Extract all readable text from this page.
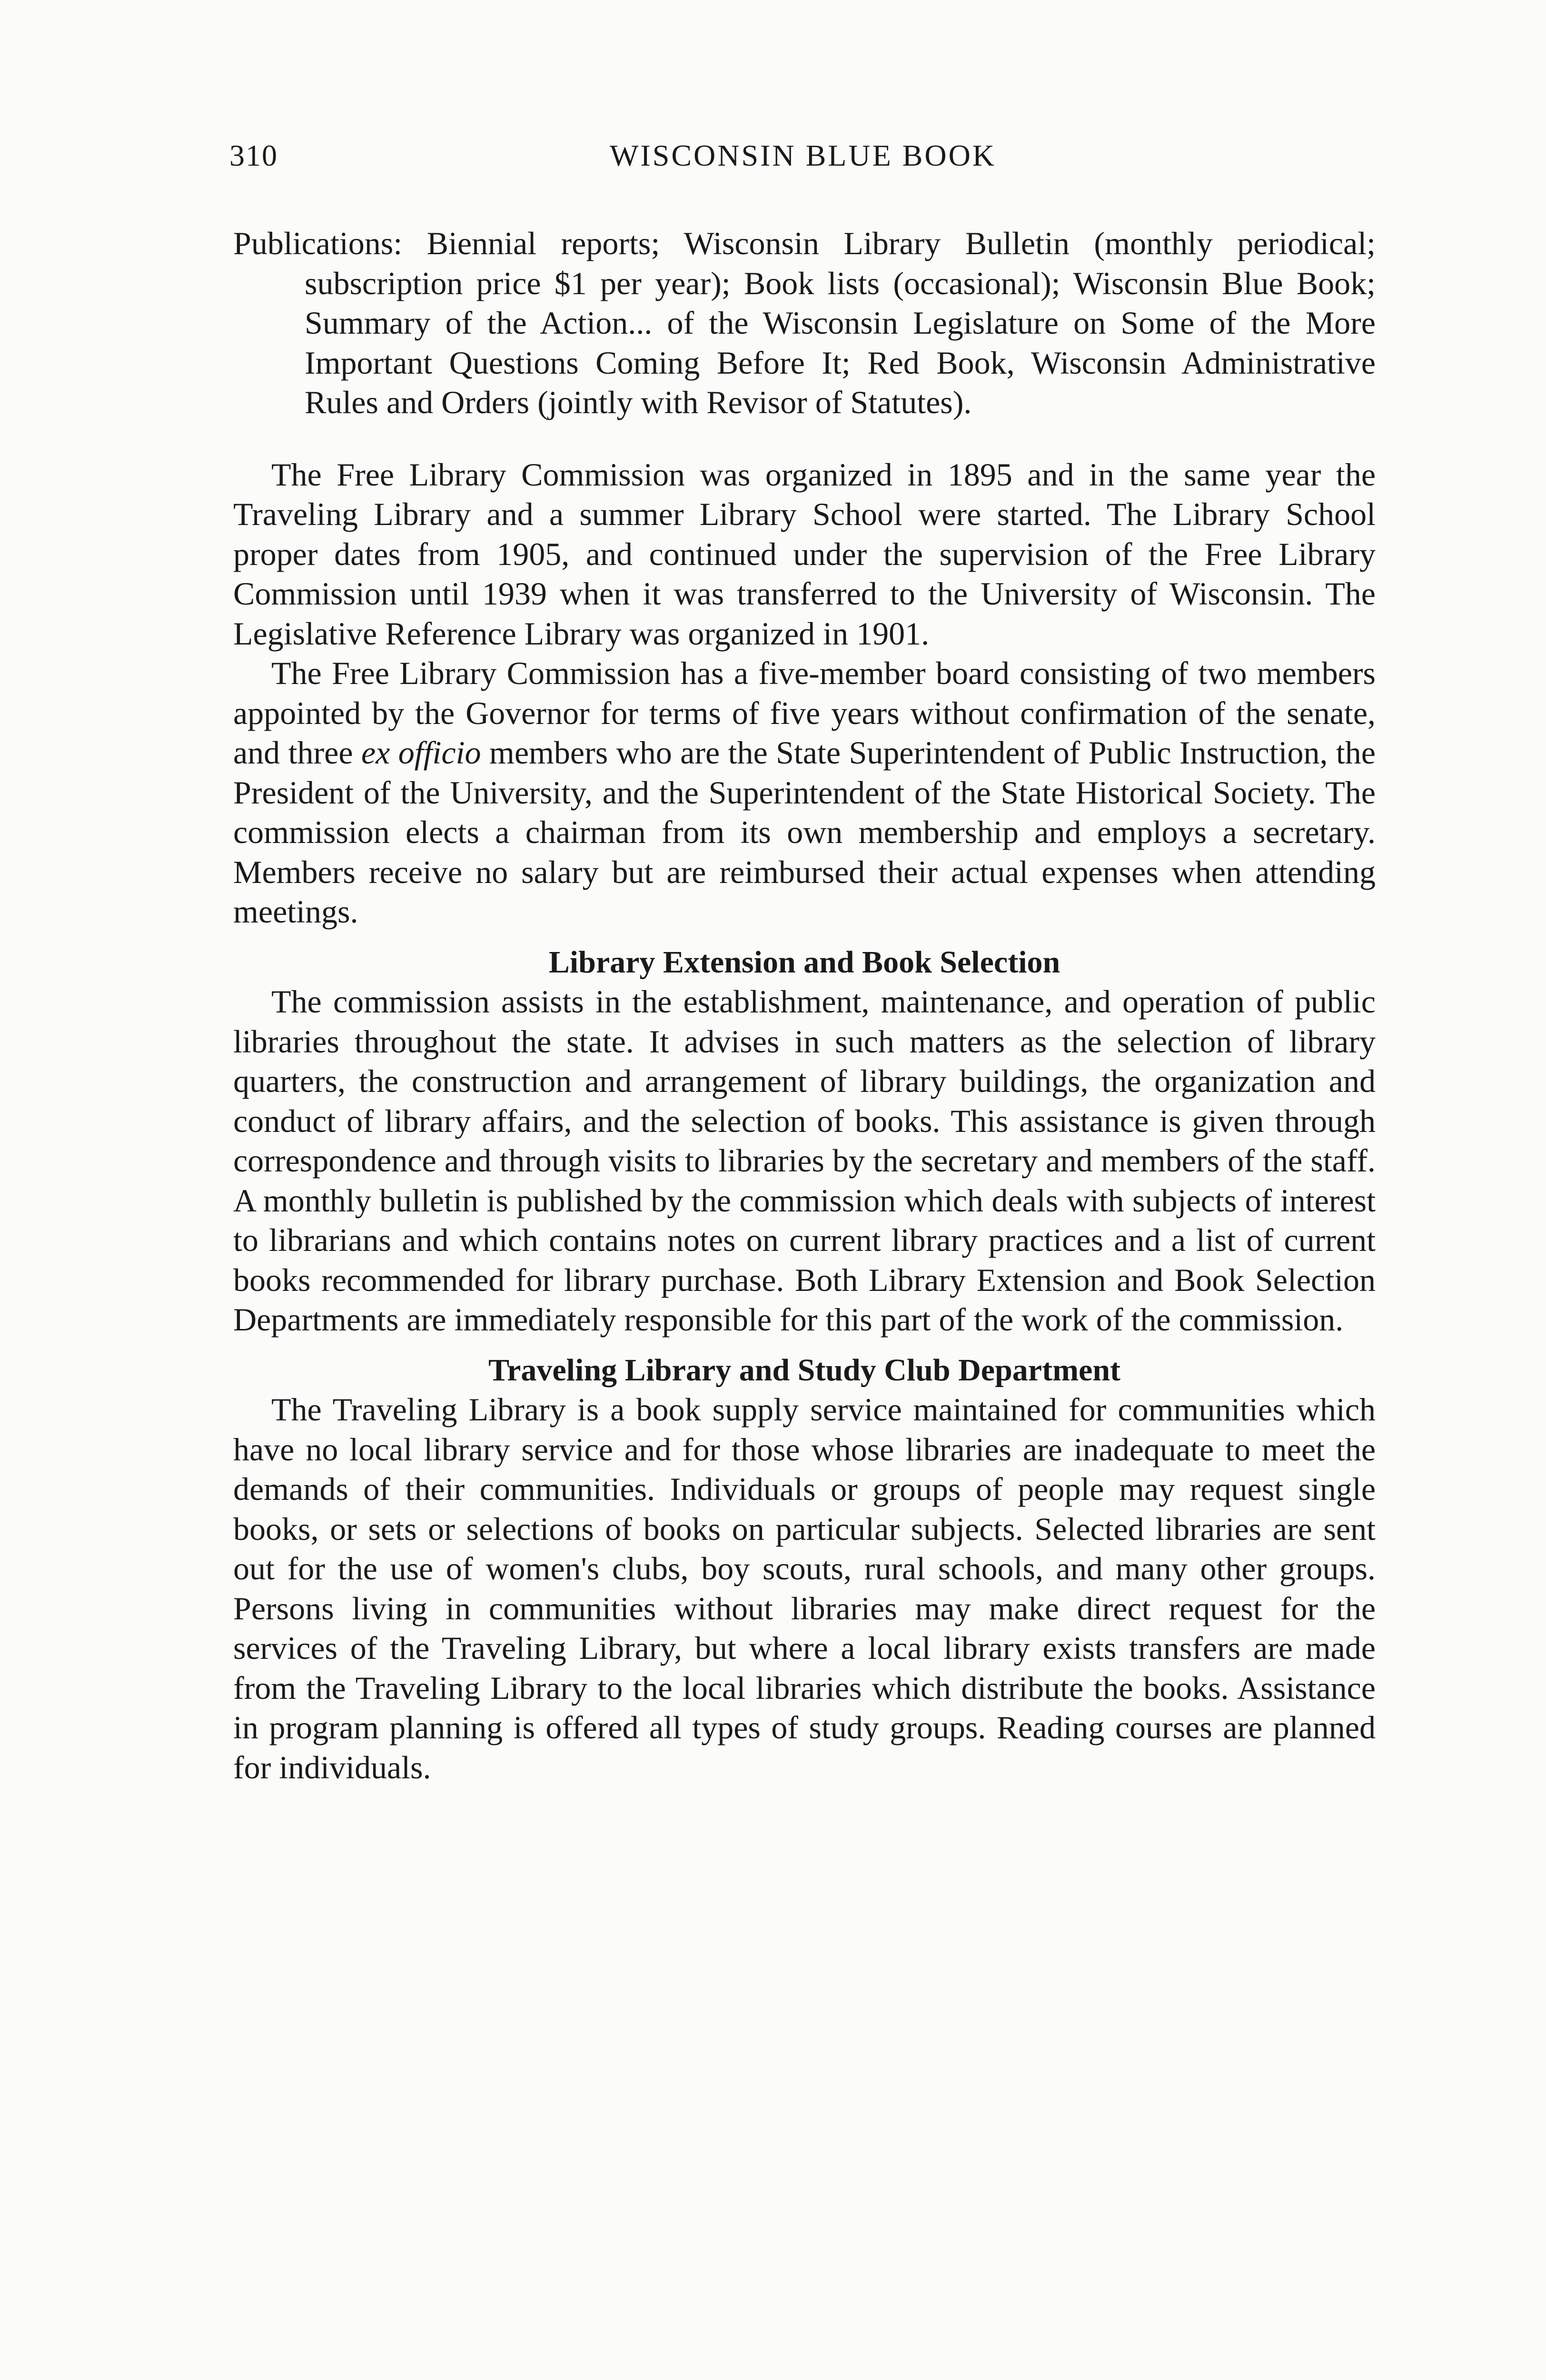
310	WISCONSIN BLUE BOOK

Publications: Biennial reports; Wisconsin Library Bulletin (monthly periodical; subscription price $1 per year); Book lists (occasional); Wisconsin Blue Book; Summary of the Action... of the Wisconsin Legislature on Some of the More Important Questions Coming Before It; Red Book, Wisconsin Administrative Rules and Orders (jointly with Revisor of Statutes).

The Free Library Commission was organized in 1895 and in the same year the Traveling Library and a summer Library School were started. The Library School proper dates from 1905, and continued under the supervision of the Free Library Commission until 1939 when it was transferred to the University of Wisconsin. The Legislative Reference Library was organized in 1901.

The Free Library Commission has a five-member board consisting of two members appointed by the Governor for terms of five years without confirmation of the senate, and three ex officio members who are the State Superintendent of Public Instruction, the President of the University, and the Superintendent of the State Historical Society. The commission elects a chairman from its own membership and employs a secretary. Members receive no salary but are reimbursed their actual expenses when attending meetings.

Library Extension and Book Selection

The commission assists in the establishment, maintenance, and operation of public libraries throughout the state. It advises in such matters as the selection of library quarters, the construction and arrangement of library buildings, the organization and conduct of library affairs, and the selection of books. This assistance is given through correspondence and through visits to libraries by the secretary and members of the staff. A monthly bulletin is published by the commission which deals with subjects of interest to librarians and which contains notes on current library practices and a list of current books recommended for library purchase. Both Library Extension and Book Selection Departments are immediately responsible for this part of the work of the commission.

Traveling Library and Study Club Department

The Traveling Library is a book supply service maintained for communities which have no local library service and for those whose libraries are inadequate to meet the demands of their communities. Individuals or groups of people may request single books, or sets or selections of books on particular subjects. Selected libraries are sent out for the use of women's clubs, boy scouts, rural schools, and many other groups. Persons living in communities without libraries may make direct request for the services of the Traveling Library, but where a local library exists transfers are made from the Traveling Library to the local libraries which distribute the books. Assistance in program planning is offered all types of study groups. Reading courses are planned for individuals.
